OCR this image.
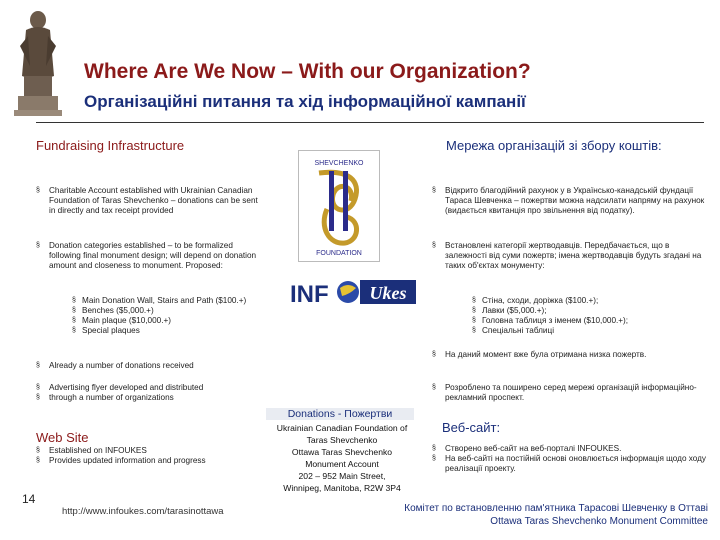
Where Are We Now – With our Organization?
Організаційні питання та хід інформаційної кампанії
Fundraising Infrastructure
§ Charitable Account established with Ukrainian Canadian Foundation of Taras Shevchenko – donations can be sent in directly and tax receipt provided
§ Donation categories established – to be formalized following final monument design; will depend on donation amount and closeness to monument. Proposed:
§ Main Donation Wall, Stairs and Path ($100.+)
§ Benches ($5,000.+)
§ Main plaque ($10,000.+)
§ Special plaques
§ Already a number of donations received
§ Advertising flyer developed and distributed
§ through a number of organizations
Web Site
§ Established on INFOUKES
§ Provides updated information and progress
SHEVCHENKO
FOUNDATION
INF Ukes
Donations - Пожертви
Ukrainian Canadian Foundation of
Taras Shevchenko
Ottawa Taras Shevchenko
Monument Account
202 – 952 Main Street,
Winnipeg, Manitoba, R2W 3P4
Мережа організацій зі збору коштів:
§ Відкрито благодійний рахунок у в Українсько-канадській фундації Тараса Шевченка – пожертви можна надсилати напряму на рахунок (видається квитанція про звільнення від податку).
§ Встановлені категорії жертводавців. Передбачається, що в залежності від суми пожертв; імена жертводавців будуть згадані на таких об'єктах монументу:
§ Стіна, сходи, доріжка ($100.+);
§ Лавки ($5,000.+);
§ Головна таблиця з іменем ($10,000.+);
§ Спеціальні таблиці
§ На даний момент вже була отримана низка пожертв.
§ Розроблено та поширено серед мережі організацій інформаційно-рекламний проспект.
Веб-сайт:
§ Створено веб-сайт на веб-порталі INFOUKES.
§ На веб-сайті на постійній основі оновлюється інформація щодо ходу реалізації проекту.
14
http://www.infoukes.com/tarasinottawa	Комітет по встановленню пам'ятника Тарасові Шевченку в Оттаві
Ottawa Taras Shevchenko Monument Committee
